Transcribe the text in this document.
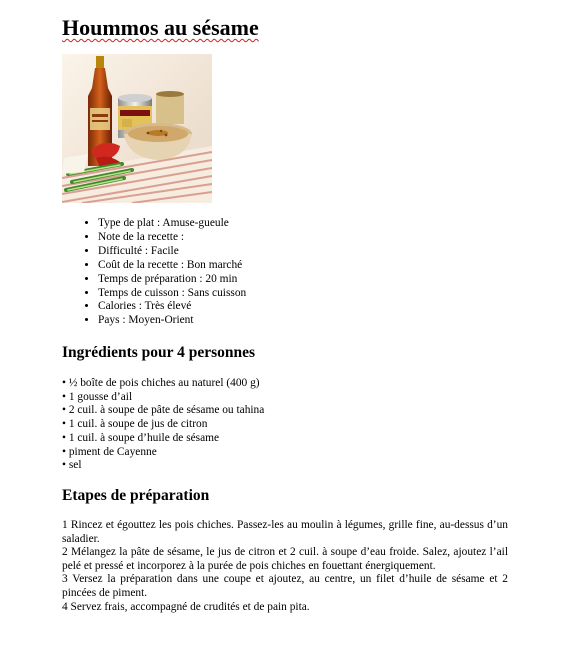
Hoummos au sésame
• Type de plat : Amuse-gueule
• Note de la recette :
• Difficulté : Facile
• Coût de la recette : Bon marché
• Temps de préparation : 20 min
• Temps de cuisson : Sans cuisson
• Calories : Très élevé
• Pays : Moyen-Orient
Ingrédients pour 4 personnes
• ½ boîte de pois chiches au naturel (400 g)
• 1 gousse d’ail
• 2 cuil. à soupe de pâte de sésame ou tahina
• 1 cuil. à soupe de jus de citron
• 1 cuil. à soupe d’huile de sésame
• piment de Cayenne
• sel
Etapes de préparation

1 Rincez et égouttez les pois chiches. Passez-les au moulin à légumes, grille fine, au-dessus d’un saladier.

2 Mélangez la pâte de sésame, le jus de citron et 2 cuil. à soupe d’eau froide. Salez, ajoutez l’ail pelé et pressé et incorporez à la purée de pois chiches en fouettant énergiquement.

3 Versez la préparation dans une coupe et ajoutez, au centre, un filet d’huile de sésame et 2 pincées de piment.

4 Servez frais, accompagné de crudités et de pain pita.
